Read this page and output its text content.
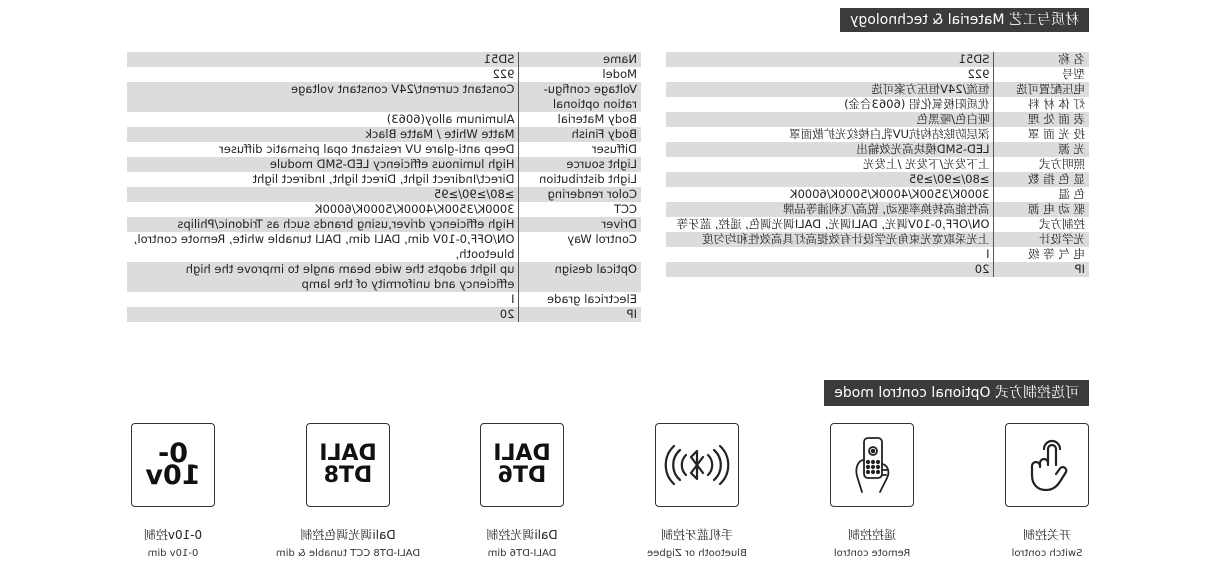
材质与工艺 Material & technology
名 称	SD51
型号	922
电压配置可选	恒流/24V恒压方案可选
灯 体 材 料	优质阳极氧化铝 (6063合金)
表 面 处 理	哑白色/哑黑色
投 光 面 罩	深层防眩结构抗UV乳白棱纹光扩散面罩
光 源	LED-SMD模块高光效输出
照明方式	上下发光/下发光 /上发光
显 色 指 数	≥80/≥90/≥95
色 温	3000K/3500K/4000K/5000K/6000K
驱 动 电 源	高性能高转换率驱动, 锐高/飞利浦等品牌
控制方式	ON/OFF,0-10V调光, DALI调光, DALI调光调色, 遥控, 蓝牙等
光学设计	上光采取宽光束角光学设计有效提高灯具高效性和均匀度
电 气 等 级	I
IP	20
Name	SD51
Model	922
Voltage configu-ration optional	Constant current/24V constant voltage
Body Material	Aluminum alloy(6063)
Body Finish	Matte White / Matte Black
Diffuser	Deep anti-glare UV resistant opal prismatic diffuser
Light source	High luminous efficiency LED-SMD module
Light distribution	Direct/Indirect light, Direct light, Indirect light
Color rendering	≥80/≥90/≥95
CCT	3000K/3500K/4000K/5000K/6000K
Driver	High efficiency driver,using brands such as Tridonic/Philips
Control Way	ON/OFF,0-10V dim, DALI dim, DALI tunable white, Remote control, bluetooth,
Optical design	up light adopts the wide beam angle to improve the high efficiency and uniformity of the lamp
Electrical grade	I
IP	20
可选控制方式 Optional control mode
DALI
DT6
DALI
DT8
0-10v
开关控制
Switch control
遥控控制
Remote control
手机蓝牙控制
Bluetooth or Zigbee
Dali调光控制
DALI-DT6 dim
Dali调光调色控制
DALI-DT8 CCT tunable & dim
0-10v控制
0-10v dim
